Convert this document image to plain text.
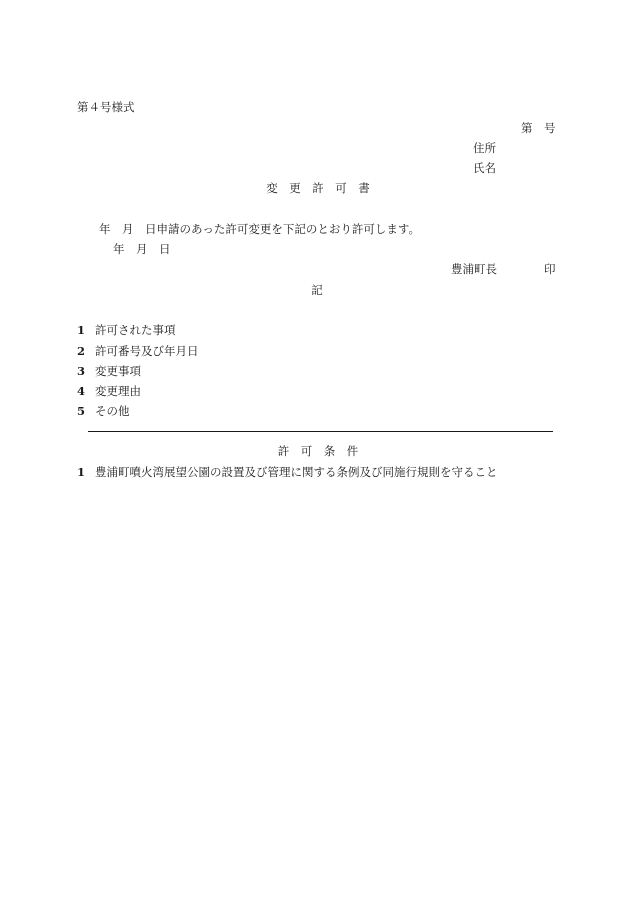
第４号様式
第　号
住所
氏名
変　更　許　可　書
年　月　日申請のあった許可変更を下記のとおり許可します。
年　月　日
豊浦町長	印
記
1 許可された事項
2 許可番号及び年月日
3 変更事項
4 変更理由
5 その他
許　可　条　件
1 豊浦町噴火湾展望公園の設置及び管理に関する条例及び同施行規則を守ること
